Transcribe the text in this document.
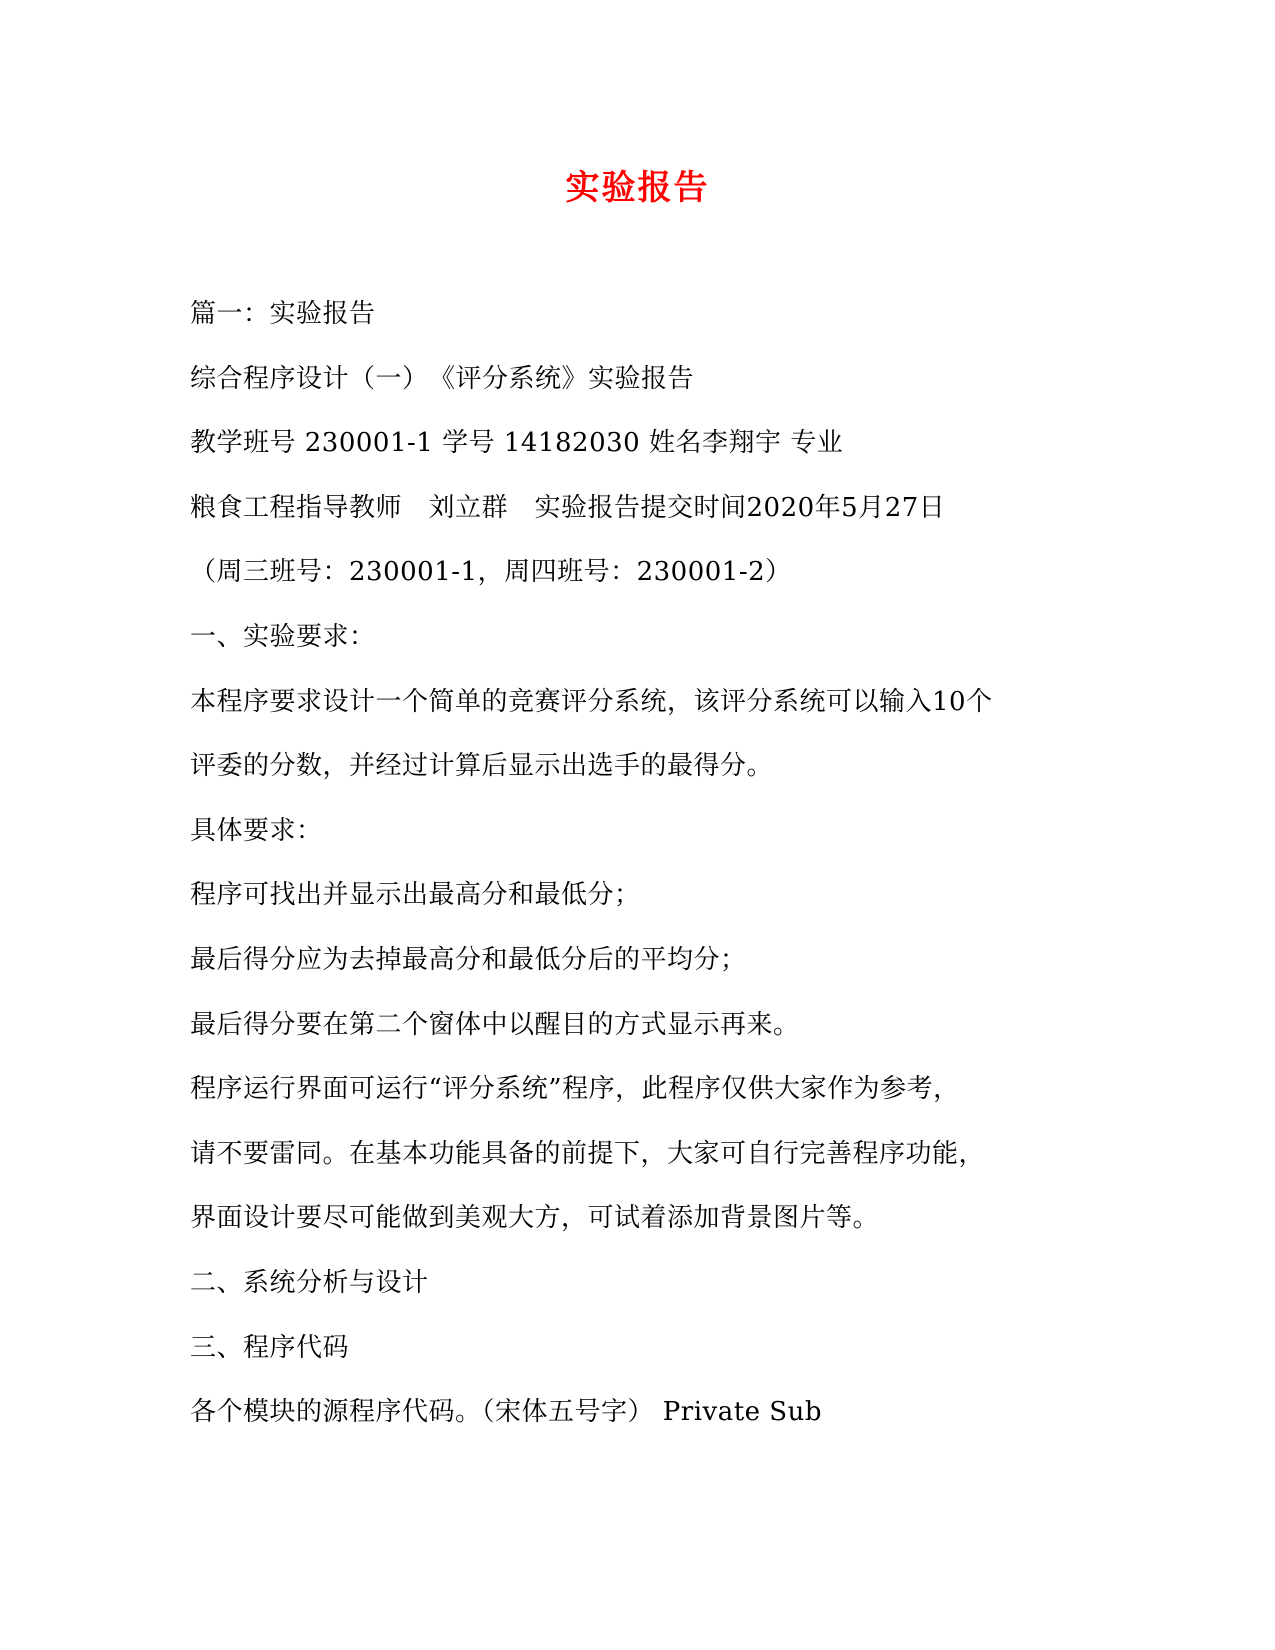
实验报告
篇一：实验报告
综合程序设计（一）　《评分系统》实验报告
教学班号 230001-1 学号 14182030 姓名李翔宇 专业
粮食工程指导教师　刘立群　实验报告提交时间2020年5月27日
（周三班号：230001-1，周四班号：230001-2）
一、实验要求：
本程序要求设计一个简单的竞赛评分系统，该评分系统可以输入10个
评委的分数，并经过计算后显示出选手的最得分。
具体要求：
程序可找出并显示出最高分和最低分；
最后得分应为去掉最高分和最低分后的平均分；
最后得分要在第二个窗体中以醒目的方式显示再来。
程序运行界面可运行“评分系统”程序，此程序仅供大家作为参考，
请不要雷同。在基本功能具备的前提下，大家可自行完善程序功能，
界面设计要尽可能做到美观大方，可试着添加背景图片等。
二、系统分析与设计
三、程序代码
各个模块的源程序代码。（宋体五号字） Private Sub
